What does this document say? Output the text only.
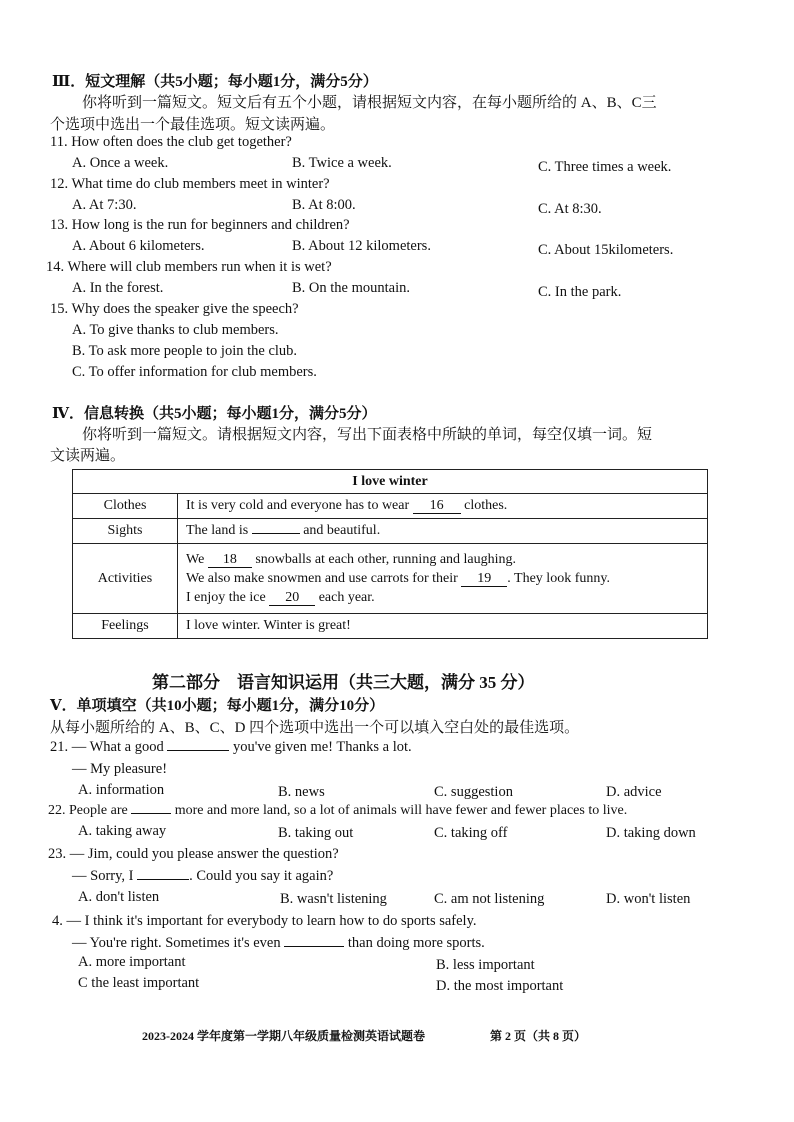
Ⅲ．短文理解（共5小题；每小题1分，满分5分）
你将听到一篇短文。短文后有五个小题，请根据短文内容，在每小题所给的 A、B、C三
个选项中选出一个最佳选项。短文读两遍。
11. How often does the club get together?
A. Once a week.	B. Twice a week.	C. Three times a week.
12. What time do club members meet in winter?
A. At 7:30.	B. At 8:00.	C. At 8:30.
13. How long is the run for beginners and children?
A. About 6 kilometers.	B. About 12 kilometers.	C. About 15kilometers.
14. Where will club members run when it is wet?
A. In the forest.	B. On the mountain.	C. In the park.
15. Why does the speaker give the speech?
A. To give thanks to club members.
B. To ask more people to join the club.
C. To offer information for club members.
Ⅳ．信息转换（共5小题；每小题1分，满分5分）
你将听到一篇短文。请根据短文内容，写出下面表格中所缺的单词，每空仅填一词。短
文读两遍。
I love winter	
Clothes	It is very cold and everyone has to wear 16 clothes.
Sights	The land is and beautiful.
Activities	We 18 snowballs at each other, running and laughing.
We also make snowmen and use carrots for their 19 . They look funny.
I enjoy the ice 20 each year.

Feelings	I love winter. Winter is great!
第二部分　语言知识运用（共三大题，满分 35 分）
Ⅴ．单项填空（共10小题；每小题1分，满分10分）
从每小题所给的 A、B、C、D 四个选项中选出一个可以填入空白处的最佳选项。
21. — What a good	you've given me! Thanks a lot.
— My pleasure!
A. information	B. news	C. suggestion	D. advice
22. People are	more and more land, so a lot of animals will have fewer and fewer places to live.
A. taking away	B. taking out	C. taking off	D. taking down
23. — Jim, could you please answer the question?
— Sorry, I	. Could you say it again?
A. don't listen	B. wasn't listening	C. am not listening	D. won't listen
4. — I think it's important for everybody to learn how to do sports safely.
— You're right. Sometimes it's even	than doing more sports.
A. more important	B. less important
C the least important	D. the most important
2023-2024 学年度第一学期八年级质量检测英语试题卷	第 2 页（共 8 页）
